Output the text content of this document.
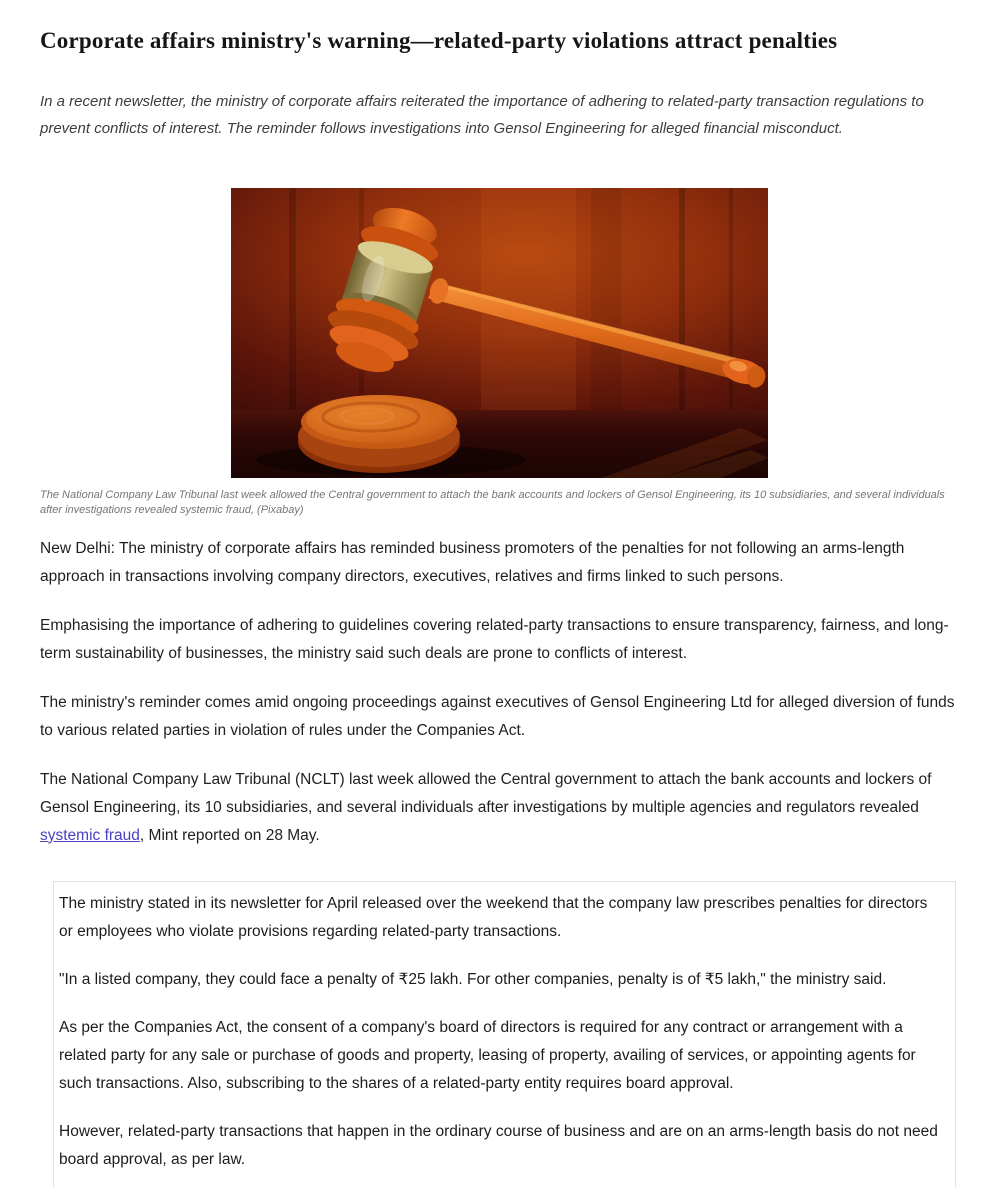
Corporate affairs ministry's warning—related-party violations attract penalties

In a recent newsletter, the ministry of corporate affairs reiterated the importance of adhering to related-party transaction regulations to prevent conflicts of interest. The reminder follows investigations into Gensol Engineering for alleged financial misconduct.

The National Company Law Tribunal last week allowed the Central government to attach the bank accounts and lockers of Gensol Engineering, its 10 subsidiaries, and several individuals after investigations revealed systemic fraud, (Pixabay)

New Delhi: The ministry of corporate affairs has reminded business promoters of the penalties for not following an arms-length approach in transactions involving company directors, executives, relatives and firms linked to such persons.

Emphasising the importance of adhering to guidelines covering related-party transactions to ensure transparency, fairness, and long-term sustainability of businesses, the ministry said such deals are prone to conflicts of interest.

The ministry's reminder comes amid ongoing proceedings against executives of Gensol Engineering Ltd for alleged diversion of funds to various related parties in violation of rules under the Companies Act.

The National Company Law Tribunal (NCLT) last week allowed the Central government to attach the bank accounts and lockers of Gensol Engineering, its 10 subsidiaries, and several individuals after investigations by multiple agencies and regulators revealed systemic fraud, Mint reported on 28 May.

The ministry stated in its newsletter for April released over the weekend that the company law prescribes penalties for directors or employees who violate provisions regarding related-party transactions.

"In a listed company, they could face a penalty of ₹25 lakh. For other companies, penalty is of ₹5 lakh," the ministry said.

As per the Companies Act, the consent of a company's board of directors is required for any contract or arrangement with a related party for any sale or purchase of goods and property, leasing of property, availing of services, or appointing agents for such transactions. Also, subscribing to the shares of a related-party entity requires board approval.

However, related-party transactions that happen in the ordinary course of business and are on an arms-length basis do not need board approval, as per law.
